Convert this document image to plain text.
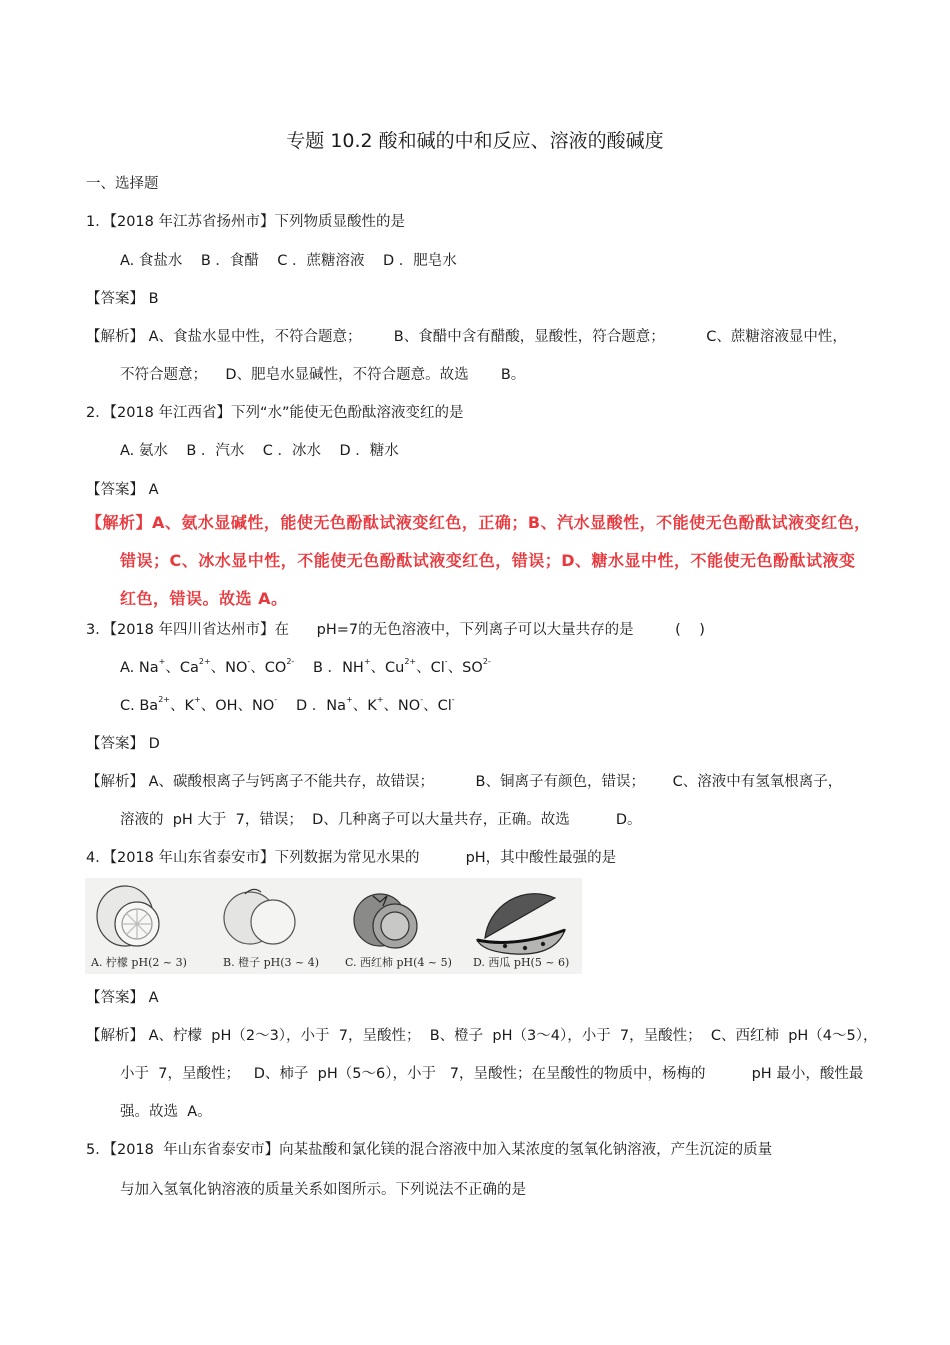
专题 10.2 酸和碱的中和反应、溶液的酸碱度
一、选择题
1．【2018 年江苏省扬州市】下列物质显酸性的是
A. 食盐水    B ．食醋    C ．蔗糖溶液    D ．肥皂水
【答案】 B
【解析】 A、食盐水显中性，不符合题意；       B、食醋中含有醋酸，显酸性，符合题意；         C、蔗糖溶液显中性，
不符合题意；    D、肥皂水显碱性，不符合题意。故选       B。
2．【2018 年江西省】下列“水”能使无色酚酞溶液变红的是
A. 氨水    B ．汽水    C ．冰水    D ．糖水
【答案】 A
【解析】A、氨水显碱性，能使无色酚酞试液变红色，正确；B、汽水显酸性，不能使无色酚酞试液变红色，
错误；C、冰水显中性，不能使无色酚酞试液变红色，错误；D、糖水显中性，不能使无色酚酞试液变
红色，错误。故选 A。
3．【2018 年四川省达州市】在      pH=7的无色溶液中，下列离子可以大量共存的是         (    )
A. Na+、$Ca^{2+}$、NO-、$CO^{2-}$ B ．NH+、$Cu^{2+}$、Cl-、$SO^{2-}$
C. $Ba^{2+}$、K+、OH、NO- D ．Na+、K+、NO-、Cl-
【答案】 D
【解析】 A、碳酸根离子与钙离子不能共存，故错误；         B、铜离子有颜色，错误；      C、溶液中有氢氧根离子，
溶液的  pH 大于  7，错误；  D、几种离子可以大量共存，正确。故选          D。
4．【2018 年山东省泰安市】下列数据为常见水果的          pH，其中酸性最强的是
A. 柠檬 pH(2 ~ 3)	B. 橙子 pH(3 ~ 4) C. 西红柿 pH(4 ~ 5) D. 西瓜 pH(5 ~ 6)
【答案】 A
【解析】 A、柠檬  pH（2～3），小于  7，呈酸性；  B、橙子  pH（3～4），小于  7，呈酸性；  C、西红柿  pH（4～5），
小于  7，呈酸性；   D、柿子  pH（5～6），小于   7，呈酸性；在呈酸性的物质中，杨梅的          pH 最小，酸性最
强。故选  A。
5．【2018  年山东省泰安市】向某盐酸和氯化镁的混合溶液中加入某浓度的氢氧化钠溶液，产生沉淀的质量
与加入氢氧化钠溶液的质量关系如图所示。下列说法不正确的是
